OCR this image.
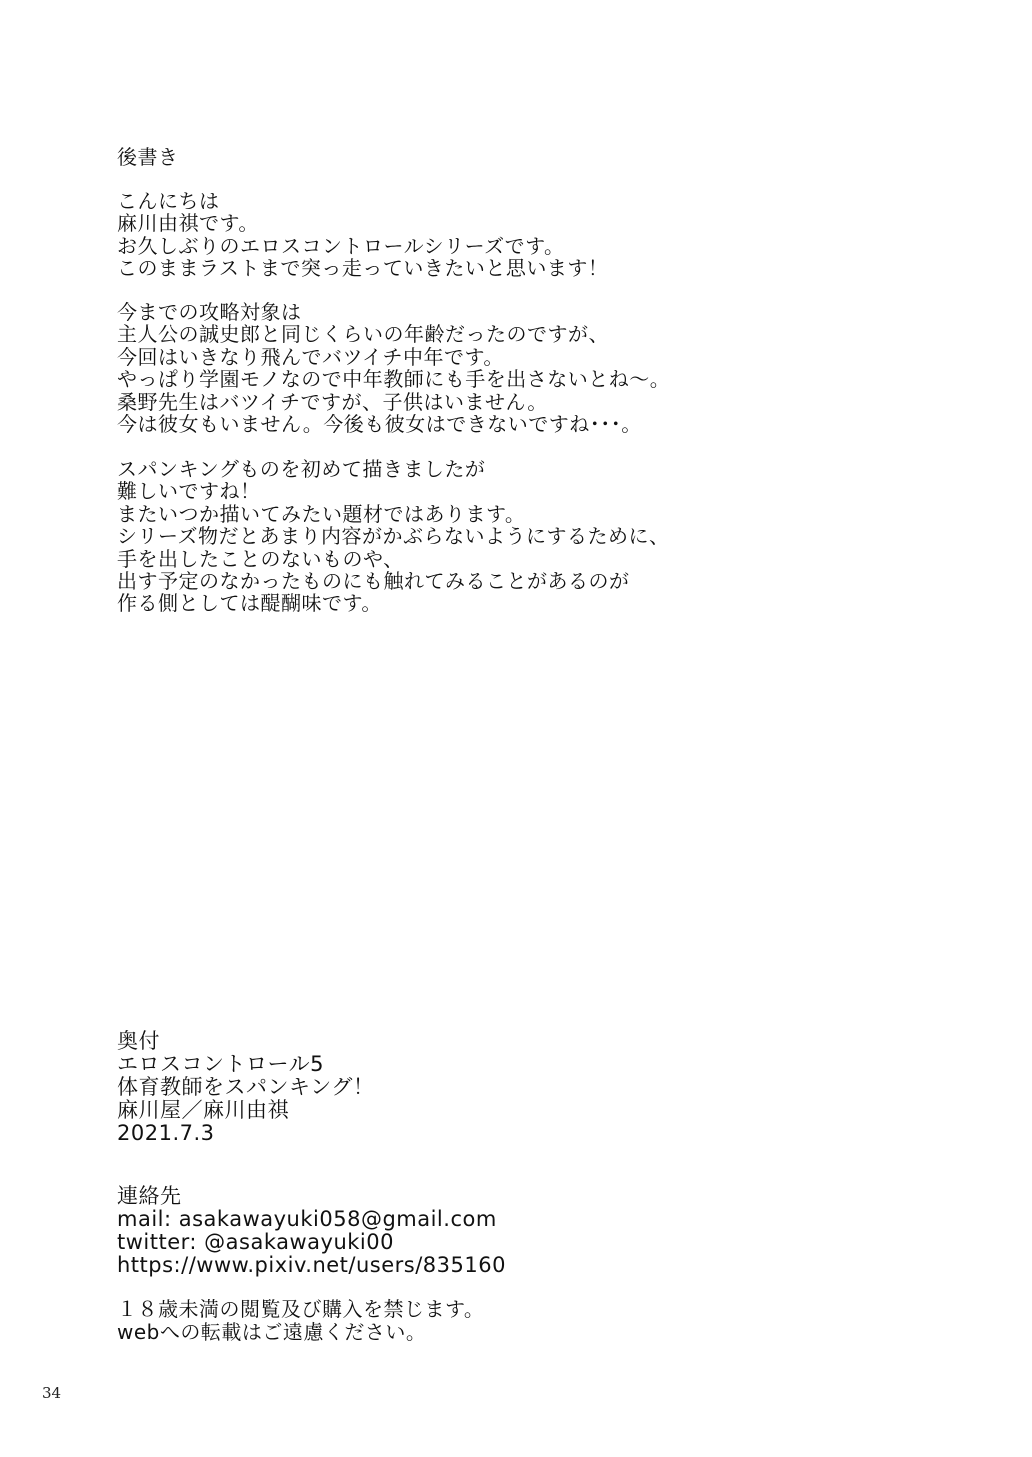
後書き
こんにちは
麻川由祺です。
お久しぶりのエロスコントロールシリーズです。
このままラストまで突っ走っていきたいと思います！
今までの攻略対象は
主人公の誠史郎と同じくらいの年齢だったのですが、
今回はいきなり飛んでバツイチ中年です。
やっぱり学園モノなので中年教師にも手を出さないとね～。
桑野先生はバツイチですが、子供はいません。
今は彼女もいません。今後も彼女はできないですね･･･。
スパンキングものを初めて描きましたが
難しいですね！
またいつか描いてみたい題材ではあります。
シリーズ物だとあまり内容がかぶらないようにするために、
手を出したことのないものや、
出す予定のなかったものにも触れてみることがあるのが
作る側としては醍醐味です。
奥付
エロスコントロール5
体育教師をスパンキング！
麻川屋／麻川由祺
2021.7.3
連絡先
mail: asakawayuki058@gmail.com
twitter: @asakawayuki00
https://www.pixiv.net/users/835160
１８歳未満の閲覧及び購入を禁じます。
webへの転載はご遠慮ください。
34
